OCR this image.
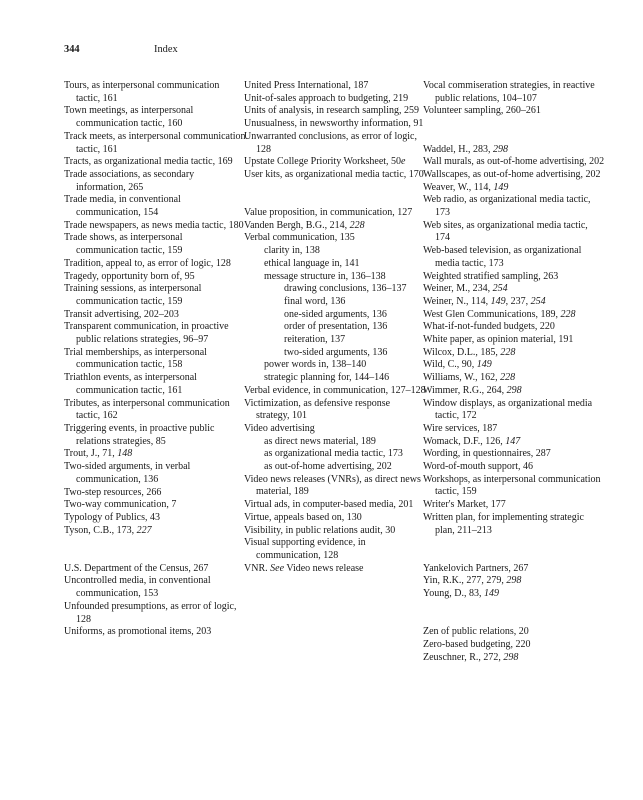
344	Index
Tours, as interpersonal communication tactic, 161
Town meetings, as interpersonal communication tactic, 160
Track meets, as interpersonal communication tactic, 161
Tracts, as organizational media tactic, 169
Trade associations, as secondary information, 265
Trade media, in conventional communication, 154
Trade newspapers, as news media tactic, 180
Trade shows, as interpersonal communication tactic, 159
Tradition, appeal to, as error of logic, 128
Tragedy, opportunity born of, 95
Training sessions, as interpersonal communication tactic, 159
Transit advertising, 202–203
Transparent communication, in proactive public relations strategies, 96–97
Trial memberships, as interpersonal communication tactic, 158
Triathlon events, as interpersonal communication tactic, 161
Tributes, as interpersonal communication tactic, 162
Triggering events, in proactive public relations strategies, 85
Trout, J., 71, 148
Two-sided arguments, in verbal communication, 136
Two-step resources, 266
Two-way communication, 7
Typology of Publics, 43
Tyson, C.B., 173, 227
U.S. Department of the Census, 267
Uncontrolled media, in conventional communication, 153
Unfounded presumptions, as error of logic, 128
Uniforms, as promotional items, 203
United Press International, 187
Unit-of-sales approach to budgeting, 219
Units of analysis, in research sampling, 259
Unusualness, in newsworthy information, 91
Unwarranted conclusions, as error of logic, 128
Upstate College Priority Worksheet, 50e
User kits, as organizational media tactic, 170
Value proposition, in communication, 127
Vanden Bergh, B.G., 214, 228
Verbal communication, 135
clarity in, 138
ethical language in, 141
message structure in, 136–138
drawing conclusions, 136–137
final word, 136
one-sided arguments, 136
order of presentation, 136
reiteration, 137
two-sided arguments, 136
power words in, 138–140
strategic planning for, 144–146
Verbal evidence, in communication, 127–128
Victimization, as defensive response strategy, 101
Video advertising
as direct news material, 189
as organizational media tactic, 173
as out-of-home advertising, 202
Video news releases (VNRs), as direct news material, 189
Virtual ads, in computer-based media, 201
Virtue, appeals based on, 130
Visibility, in public relations audit, 30
Visual supporting evidence, in communication, 128
VNR. See Video news release
Vocal commiseration strategies, in reactive public relations, 104–107
Volunteer sampling, 260–261
Waddel, H., 283, 298
Wall murals, as out-of-home advertising, 202
Wallscapes, as out-of-home advertising, 202
Weaver, W., 114, 149
Web radio, as organizational media tactic, 173
Web sites, as organizational media tactic, 174
Web-based television, as organizational media tactic, 173
Weighted stratified sampling, 263
Weiner, M., 234, 254
Weiner, N., 114, 149, 237, 254
West Glen Communications, 189, 228
What-if-not-funded budgets, 220
White paper, as opinion material, 191
Wilcox, D.L., 185, 228
Wild, C., 90, 149
Williams, W., 162, 228
Wimmer, R.G., 264, 298
Window displays, as organizational media tactic, 172
Wire services, 187
Womack, D.F., 126, 147
Wording, in questionnaires, 287
Word-of-mouth support, 46
Workshops, as interpersonal communication tactic, 159
Writer's Market, 177
Written plan, for implementing strategic plan, 211–213
Yankelovich Partners, 267
Yin, R.K., 277, 279, 298
Young, D., 83, 149
Zen of public relations, 20
Zero-based budgeting, 220
Zeuschner, R., 272, 298
